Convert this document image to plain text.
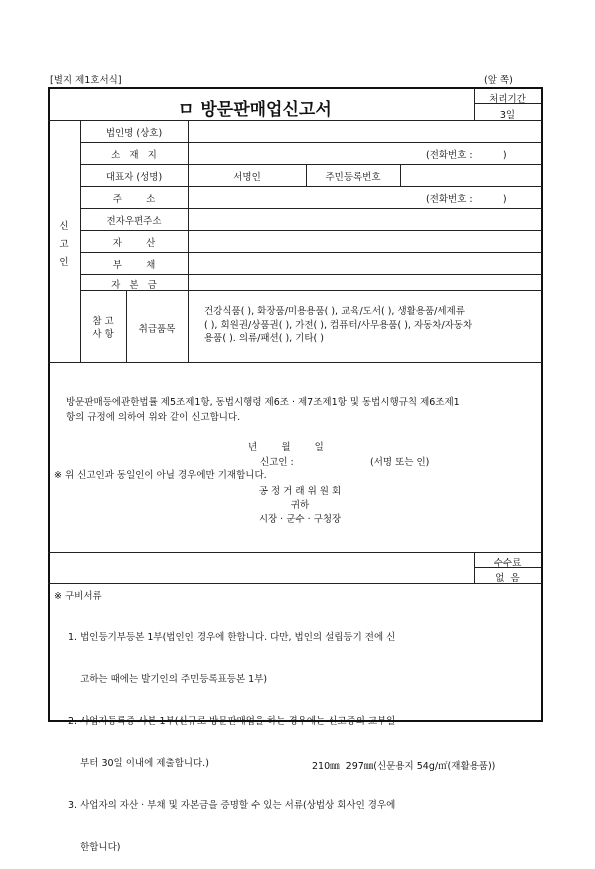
[별지 제1호서식]	(앞 쪽)
ㅁ 방문판매업신고서
처리기간
3일
신
고
인
법인명 (상호)
소   재   지	(전화번호 :          )
대표자 (성명)	서명인	주민등록번호
주        소	(전화번호 :          )
전자우편주소
자        산
부        채
자   본   금
참 고
사 항	취급품목
건강식품( ), 화장품/미용용품( ), 교육/도서( ), 생활용품/세제류
( ), 회원권/상품권( ), 가전( ), 컴퓨터/사무용품( ), 자동차/자동차
용품( ). 의류/패션( ), 기타( )
방문판매등에관한법률 제5조제1항, 동법시행령 제6조 · 제7조제1항 및 동법시행규칙 제6조제1
항의 규정에 의하여 위와 같이 신고합니다.
년        월        일
신고인 :	(서명 또는 인)
※ 위 신고인과 동일인이 아닐 경우에만 기재합니다.
공 정 거 래 위 원 회
귀하
시장 · 군수 · 구청장
수수료
없  음
※ 구비서류

1. 법인등기부등본 1부(법인인 경우에 한합니다. 다만, 법인의 설립등기 전에 신

고하는 때에는 발기인의 주민등록표등본 1부)

2. 사업자등록증 사본 1부(신규로 방문판매업을 하는 경우에는 신고증의 교부일

부터 30일 이내에 제출합니다.)

3. 사업자의 자산 · 부채 및 자본금을 증명할 수 있는 서류(상법상 회사인 경우에

한합니다)

210㎜  297㎜(신문용지 54g/㎡(재활용품))
